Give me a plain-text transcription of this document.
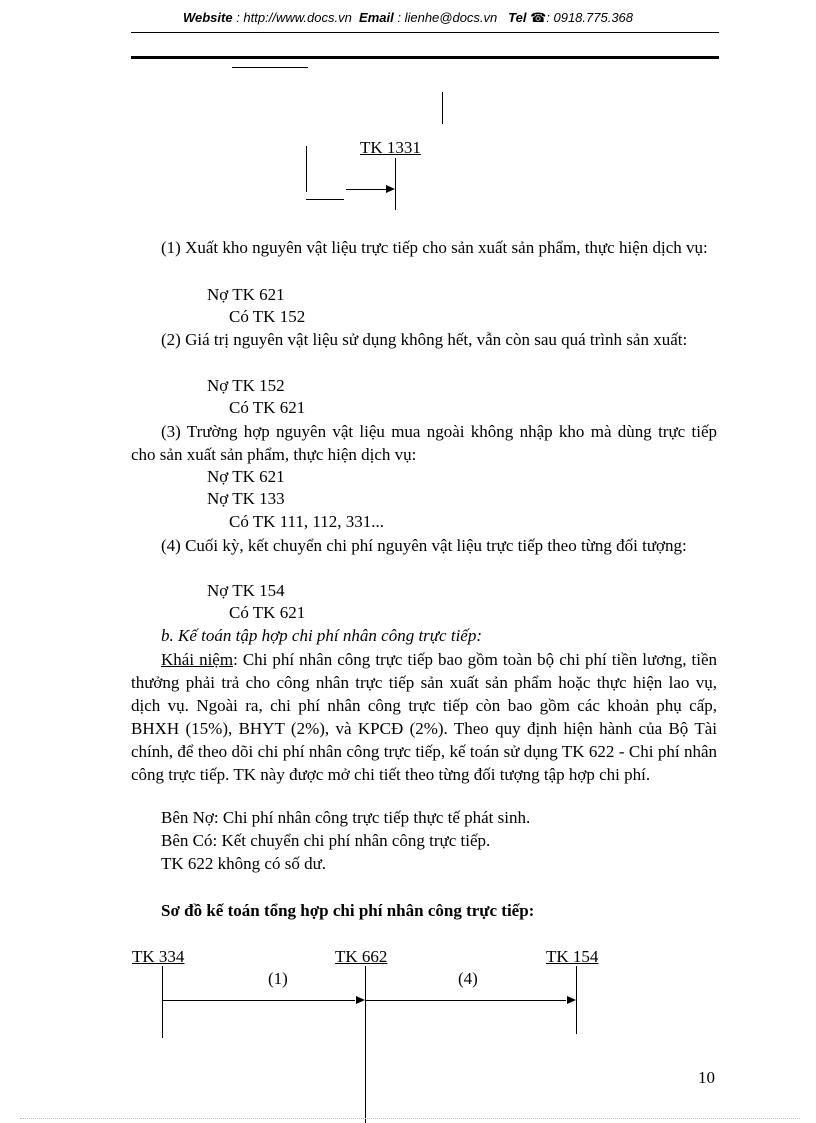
Website : http://www.docs.vn Email : lienhe@docs.vn Tel ☎: 0918.775.368
TK 1331
(1) Xuất kho nguyên vật liệu trực tiếp cho sản xuất sản phẩm, thực hiện dịch vụ:
Nợ TK 621
Có TK 152
(2) Giá trị nguyên vật liệu sử dụng không hết, vẫn còn sau quá trình sản xuất:
Nợ TK 152
Có TK 621
(3) Trường hợp nguyên vật liệu mua ngoài không nhập kho mà dùng trực tiếp cho sản xuất sản phẩm, thực hiện dịch vụ:
Nợ TK 621
Nợ TK 133
Có TK 111, 112, 331...
(4) Cuối kỳ, kết chuyển chi phí nguyên vật liệu trực tiếp theo từng đối tượng:
Nợ TK 154
Có TK 621
b. Kế toán tập hợp chi phí nhân công trực tiếp:
Khái niệm: Chi phí nhân công trực tiếp bao gồm toàn bộ chi phí tiền lương, tiền thưởng phải trả cho công nhân trực tiếp sản xuất sản phẩm hoặc thực hiện lao vụ, dịch vụ. Ngoài ra, chi phí nhân công trực tiếp còn bao gồm các khoản phụ cấp, BHXH (15%), BHYT (2%), và KPCĐ (2%). Theo quy định hiện hành của Bộ Tài chính, để theo dõi chi phí nhân công trực tiếp, kế toán sử dụng TK 622 - Chi phí nhân công trực tiếp. TK này được mở chi tiết theo từng đối tượng tập hợp chi phí.
Bên Nợ: Chi phí nhân công trực tiếp thực tế phát sinh.
Bên Có: Kết chuyển chi phí nhân công trực tiếp.
TK 622 không có số dư.
Sơ đồ kế toán tổng hợp chi phí nhân công trực tiếp:
TK 334	TK 662	TK 154
(1)	(4)
10
